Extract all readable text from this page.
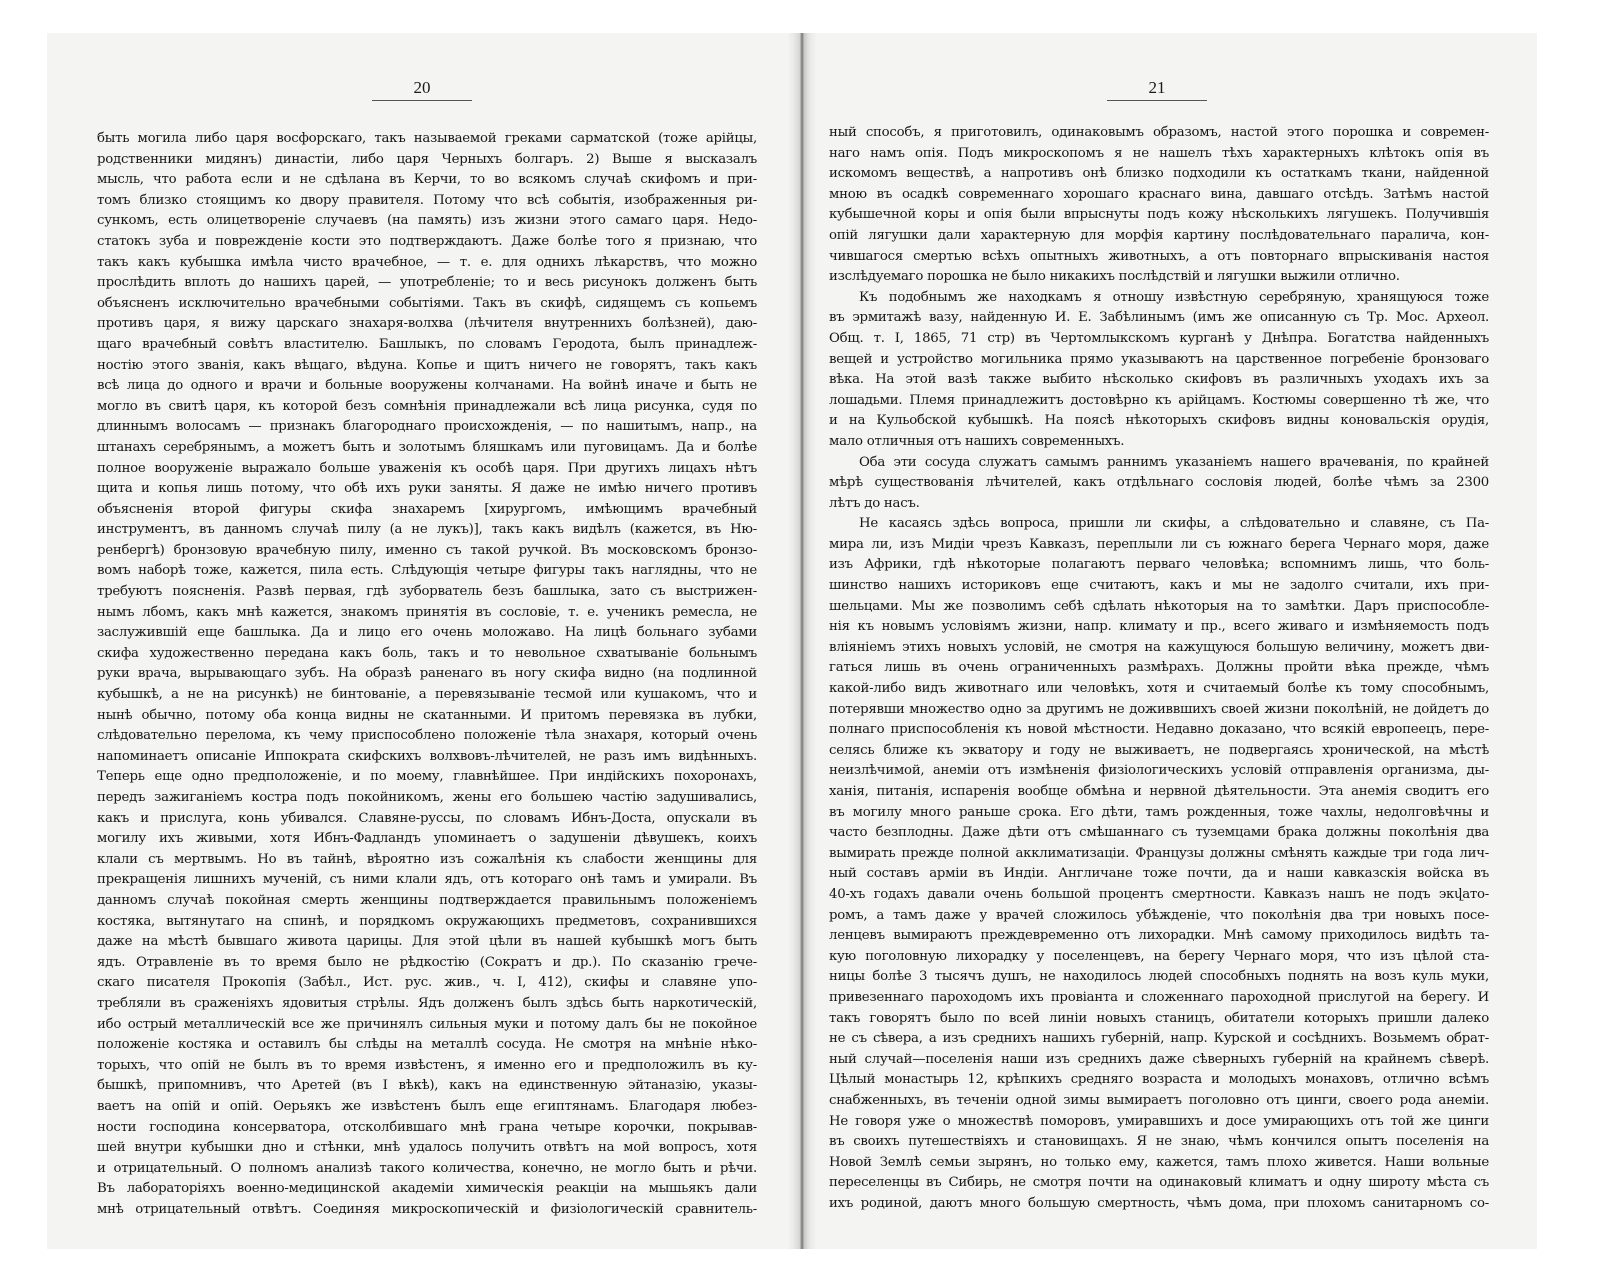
20
быть могила либо царя восфорскаго, такъ называемой греками сарматской (тоже арійцы,
родственники мидянъ) династіи, либо царя Черныхъ болгаръ. 2) Выше я высказалъ
мысль, что работа если и не сдѣлана въ Керчи, то во всякомъ случаѣ скифомъ и при-
томъ близко стоящимъ ко двору правителя. Потому что всѣ событія, изображенныя ри-
сункомъ, есть олицетвореніе случаевъ (на память) изъ жизни этого самаго царя. Недо-
статокъ зуба и поврежденіе кости это подтверждаютъ. Даже болѣе того я признаю, что
такъ какъ кубышка имѣла чисто врачебное, — т. е. для однихъ лѣкарствъ, что можно
прослѣдить вплоть до нашихъ царей, — употребленіе; то и весь рисунокъ долженъ быть
объясненъ исключительно врачебными событіями. Такъ въ скифѣ, сидящемъ съ копьемъ
противъ царя, я вижу царскаго знахаря-волхва (лѣчителя внутреннихъ болѣзней), даю-
щаго врачебный совѣтъ властителю. Башлыкъ, по словамъ Геродота, былъ принадлеж-
ностію этого званія, какъ вѣщаго, вѣдуна. Копье и щитъ ничего не говорятъ, такъ какъ
всѣ лица до одного и врачи и больные вооружены колчанами. На войнѣ иначе и быть не
могло въ свитѣ царя, къ которой безъ сомнѣнія принадлежали всѣ лица рисунка, судя по
длиннымъ волосамъ — признакъ благороднаго происхожденія, — по нашитымъ, напр., на
штанахъ серебрянымъ, а можетъ быть и золотымъ бляшкамъ или пуговицамъ. Да и болѣе
полное вооруженіе выражало больше уваженія къ особѣ царя. При другихъ лицахъ нѣтъ
щита и копья лишь потому, что обѣ ихъ руки заняты. Я даже не имѣю ничего противъ
объясненія второй фигуры скифа знахаремъ [хирургомъ, имѣющимъ врачебный
инструментъ, въ данномъ случаѣ пилу (а не лукъ)], такъ какъ видѣлъ (кажется, въ Ню-
ренбергѣ) бронзовую врачебную пилу, именно съ такой ручкой. Въ московскомъ бронзо-
вомъ наборѣ тоже, кажется, пила есть. Слѣдующія четыре фигуры такъ наглядны, что не
требуютъ поясненія. Развѣ первая, гдѣ зуборватель безъ башлыка, зато съ выстрижен-
нымъ лбомъ, какъ мнѣ кажется, знакомъ принятія въ сословіе, т. е. ученикъ ремесла, не
заслужившій еще башлыка. Да и лицо его очень моложаво. На лицѣ больнаго зубами
скифа художественно передана какъ боль, такъ и то невольное схватываніе больнымъ
руки врача, вырывающаго зубъ. На образѣ раненаго въ ногу скифа видно (на подлинной
кубышкѣ, а не на рисункѣ) не бинтованіе, а перевязываніе тесмой или кушакомъ, что и
нынѣ обычно, потому оба конца видны не скатанными. И притомъ перевязка въ лубки,
слѣдовательно перелома, къ чему приспособлено положеніе тѣла знахаря, который очень
напоминаетъ описаніе Иппократа скифскихъ волхвовъ-лѣчителей, не разъ имъ видѣнныхъ.
Теперь еще одно предположеніе, и по моему, главнѣйшее. При индійскихъ похоронахъ,
передъ зажиганіемъ костра подъ покойникомъ, жены его большею частію задушивались,
какъ и прислуга, конь убивался. Славяне-руссы, по словамъ Ибнъ-Доста, опускали въ
могилу ихъ живыми, хотя Ибнъ-Фадландъ упоминаетъ о задушеніи дѣвушекъ, коихъ
клали съ мертвымъ. Но въ тайнѣ, вѣроятно изъ сожалѣнія къ слабости женщины для
прекращенія лишнихъ мученій, съ ними клали ядъ, отъ котораго онѣ тамъ и умирали. Въ
данномъ случаѣ покойная смерть женщины подтверждается правильнымъ положеніемъ
костяка, вытянутаго на спинѣ, и порядкомъ окружающихъ предметовъ, сохранившихся
даже на мѣстѣ бывшаго живота царицы. Для этой цѣли въ нашей кубышкѣ могъ быть
ядъ. Отравленіе въ то время было не рѣдкостію (Сократъ и др.). По сказанію грече-
скаго писателя Прокопія (Забѣл., Ист. рус. жив., ч. I, 412), скифы и славяне упо-
требляли въ сраженіяхъ ядовитыя стрѣлы. Ядъ долженъ былъ здѣсь быть наркотическій,
ибо острый металлическій все же причинялъ сильныя муки и потому далъ бы не покойное
положеніе костяка и оставилъ бы слѣды на металлѣ сосуда. Не смотря на мнѣніе нѣко-
торыхъ, что опій не былъ въ то время извѣстенъ, я именно его и предположилъ въ ку-
бышкѣ, припомнивъ, что Аретей (въ I вѣкѣ), какъ на единственную эйтаназію, указы-
ваетъ на опій и опій. Оерьякъ же извѣстенъ былъ еще египтянамъ. Благодаря любез-
ности господина консерватора, отсколбившаго мнѣ грана четыре корочки, покрывав-
шей внутри кубышки дно и стѣнки, мнѣ удалось получить отвѣтъ на мой вопросъ, хотя
и отрицательный. О полномъ анализѣ такого количества, конечно, не могло быть и рѣчи.
Въ лабораторіяхъ военно-медицинской академіи химическія реакціи на мышьякъ дали
мнѣ отрицательный отвѣтъ. Соединяя микроскопическій и физіологическій сравнитель-
21
ный способъ, я приготовилъ, одинаковымъ образомъ, настой этого порошка и современ-
наго намъ опія. Подъ микроскопомъ я не нашелъ тѣхъ характерныхъ клѣтокъ опія въ
искомомъ веществѣ, а напротивъ онѣ близко подходили къ остаткамъ ткани, найденной
мною въ осадкѣ современнаго хорошаго краснаго вина, давшаго отсѣдъ. Затѣмъ настой
кубышечной коры и опія были впрыснуты подъ кожу нѣсколькихъ лягушекъ. Получившія
опій лягушки дали характерную для морфія картину послѣдовательнаго паралича, кон-
чившагося смертью всѣхъ опытныхъ животныхъ, а отъ повторнаго впрыскиванія настоя
изслѣдуемаго порошка не было никакихъ послѣдствій и лягушки выжили отлично.
Къ подобнымъ же находкамъ я отношу извѣстную серебряную, хранящуюся тоже
въ эрмитажѣ вазу, найденную И. Е. Забѣлинымъ (имъ же описанную съ Тр. Мос. Археол.
Общ. т. I, 1865, 71 стр) въ Чертомлыкскомъ курганѣ у Днѣпра. Богатства найденныхъ
вещей и устройство могильника прямо указываютъ на царственное погребеніе бронзоваго
вѣка. На этой вазѣ также выбито нѣсколько скифовъ въ различныхъ уходахъ ихъ за
лошадьми. Племя принадлежитъ достовѣрно къ арійцамъ. Костюмы совершенно тѣ же, что
и на Кульобской кубышкѣ. На поясѣ нѣкоторыхъ скифовъ видны коновальскія орудія,
мало отличныя отъ нашихъ современныхъ.
Оба эти сосуда служатъ самымъ раннимъ указаніемъ нашего врачеванія, по крайней
мѣрѣ существованія лѣчителей, какъ отдѣльнаго сословія людей, болѣе чѣмъ за 2300
лѣтъ до насъ.
Не касаясь здѣсь вопроса, пришли ли скифы, а слѣдовательно и славяне, съ Па-
мира ли, изъ Мидіи чрезъ Кавказъ, переплыли ли съ южнаго берега Чернаго моря, даже
изъ Африки, гдѣ нѣкоторые полагаютъ перваго человѣка; вспомнимъ лишь, что боль-
шинство нашихъ историковъ еще считаютъ, какъ и мы не задолго считали, ихъ при-
шельцами. Мы же позволимъ себѣ сдѣлать нѣкоторыя на то замѣтки. Даръ приспособле-
нія къ новымъ условіямъ жизни, напр. климату и пр., всего живаго и измѣняемость подъ
вліяніемъ этихъ новыхъ условій, не смотря на кажущуюся большую величину, можетъ дви-
гаться лишь въ очень ограниченныхъ размѣрахъ. Должны пройти вѣка прежде, чѣмъ
какой-либо видъ животнаго или человѣкъ, хотя и считаемый болѣе къ тому способнымъ,
потерявши множество одно за другимъ не доживвшихъ своей жизни поколѣній, не дойдетъ до
полнаго приспособленія къ новой мѣстности. Недавно доказано, что всякій европеецъ, пере-
селясь ближе къ экватору и году не выживаетъ, не подвергаясь хронической, на мѣстѣ
неизлѣчимой, анеміи отъ измѣненія физіологическихъ условій отправленія организма, ды-
ханія, питанія, испаренія вообще обмѣна и нервной дѣятельности. Эта анемія сводитъ его
въ могилу много раньше срока. Его дѣти, тамъ рожденныя, тоже чахлы, недолговѣчны и
часто безплодны. Даже дѣти отъ смѣшаннаго съ туземцами брака должны поколѣнія два
вымирать прежде полной акклиматизаціи. Французы должны смѣнять каждые три года лич-
ный составъ арміи въ Индіи. Англичане тоже почти, да и наши кавказскія войска въ
40-хъ годахъ давали очень большой процентъ смертности. Кавказъ нашъ не подъ экվато-
ромъ, а тамъ даже у врачей сложилось убѣжденіе, что поколѣнія два три новыхъ посе-
ленцевъ вымираютъ преждевременно отъ лихорадки. Мнѣ самому приходилось видѣть та-
кую поголовную лихорадку у поселенцевъ, на берегу Чернаго моря, что изъ цѣлой ста-
ницы болѣе 3 тысячъ душъ, не находилось людей способныхъ поднять на возъ куль муки,
привезеннаго пароходомъ ихъ провіанта и сложеннаго пароходной прислугой на берегу. И
такъ говорятъ было по всей линіи новыхъ станицъ, обитатели которыхъ пришли далеко
не съ сѣвера, а изъ среднихъ нашихъ губерній, напр. Курской и сосѣднихъ. Возьмемъ обрат-
ный случай—поселенія наши изъ среднихъ даже сѣверныхъ губерній на крайнемъ сѣверѣ.
Цѣлый монастырь 12, крѣпкихъ средняго возраста и молодыхъ монаховъ, отлично всѣмъ
снабженныхъ, въ теченіи одной зимы вымираетъ поголовно отъ цинги, своего рода анеміи.
Не говоря уже о множествѣ поморовъ, умиравшихъ и досе умирающихъ отъ той же цинги
въ своихъ путешествіяхъ и становищахъ. Я не знаю, чѣмъ кончился опытъ поселенія на
Новой Землѣ семьи зырянъ, но только ему, кажется, тамъ плохо живется. Наши вольные
переселенцы въ Сибирь, не смотря почти на одинаковый климатъ и одну широту мѣста съ
ихъ родиной, даютъ много большую смертность, чѣмъ дома, при плохомъ санитарномъ со-
